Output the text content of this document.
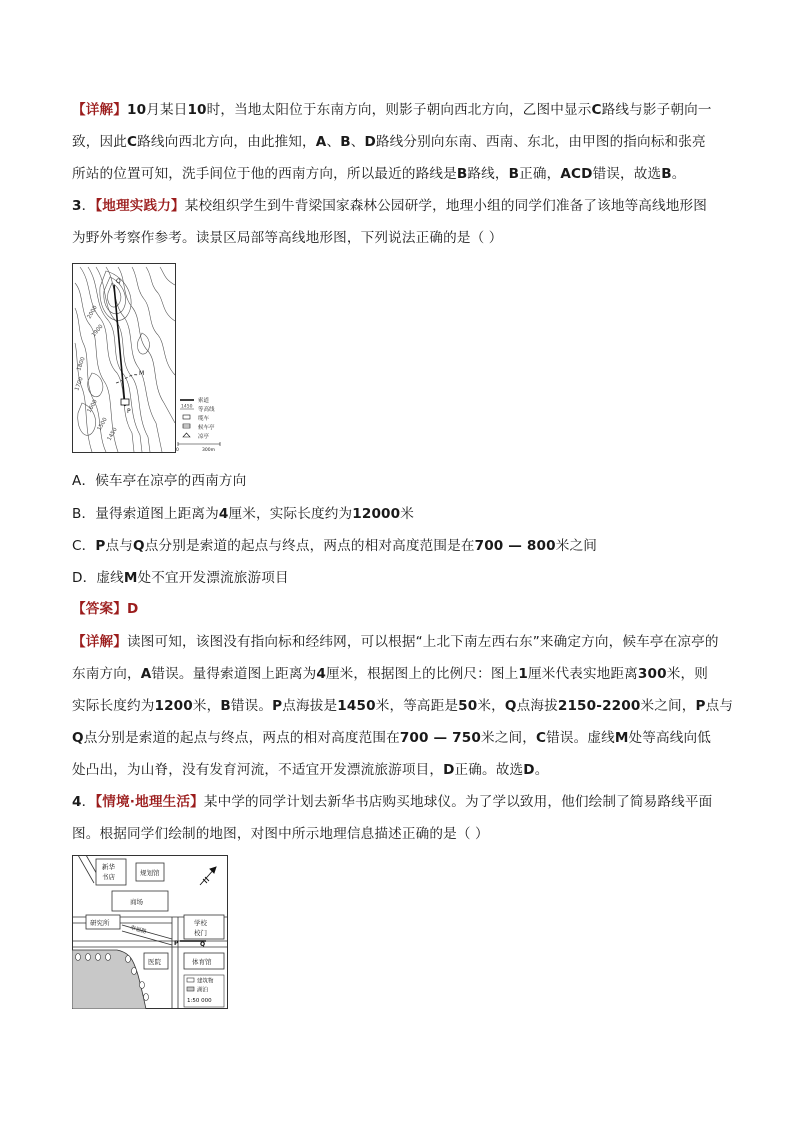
【详解】10月某日10时，当地太阳位于东南方向，则影子朝向西北方向，乙图中显示C路线与影子朝向一
致，因此C路线向西北方向，由此推知，A、B、D路线分别向东南、西南、东北，由甲图的指向标和张亮
所站的位置可知，洗手间位于他的西南方向，所以最近的路线是B路线，B正确，ACD错误，故选B。
3．【地理实践力】某校组织学生到牛背梁国家森林公园研学，地理小组的同学们准备了该地等高线地形图
为野外考察作参考。读景区局部等高线地形图，下列说法正确的是（ ）
2000
1900
1800
1700
1600
1500
1450
Q
P
M
索道
1450 等高线
缆车
候车亭
凉亭
0	300m
A．候车亭在凉亭的西南方向
B．量得索道图上距离为4厘米，实际长度约为12000米
C．P点与Q点分别是索道的起点与终点，两点的相对高度范围是在700 — 800米之间
D．虚线M处不宜开发漂流旅游项目
【答案】D
【详解】读图可知，该图没有指向标和经纬网，可以根据“上北下南左西右东”来确定方向，候车亭在凉亭的
东南方向，A错误。量得索道图上距离为4厘米，根据图上的比例尺：图上1厘米代表实地距离300米，则
实际长度约为1200米，B错误。P点海拔是1450米，等高距是50米，Q点海拔2150-2200米之间，P点与
Q点分别是索道的起点与终点，两点的相对高度范围在700 — 750米之间，C错误。虚线M处等高线向低
处凸出，为山脊，没有发育河流，不适宜开发漂流旅游项目，D正确。故选D。
4．【情境·地理生活】某中学的同学计划去新华书店购买地球仪。为了学以致用，他们绘制了简易路线平面
图。根据同学们绘制的地图，对图中所示地理信息描述正确的是（ ）
新华
书店	规划馆
商场
研究所
幸福路
学校
校门
P	Q
医院	体育馆
建筑物
湖泊
1:50 000
